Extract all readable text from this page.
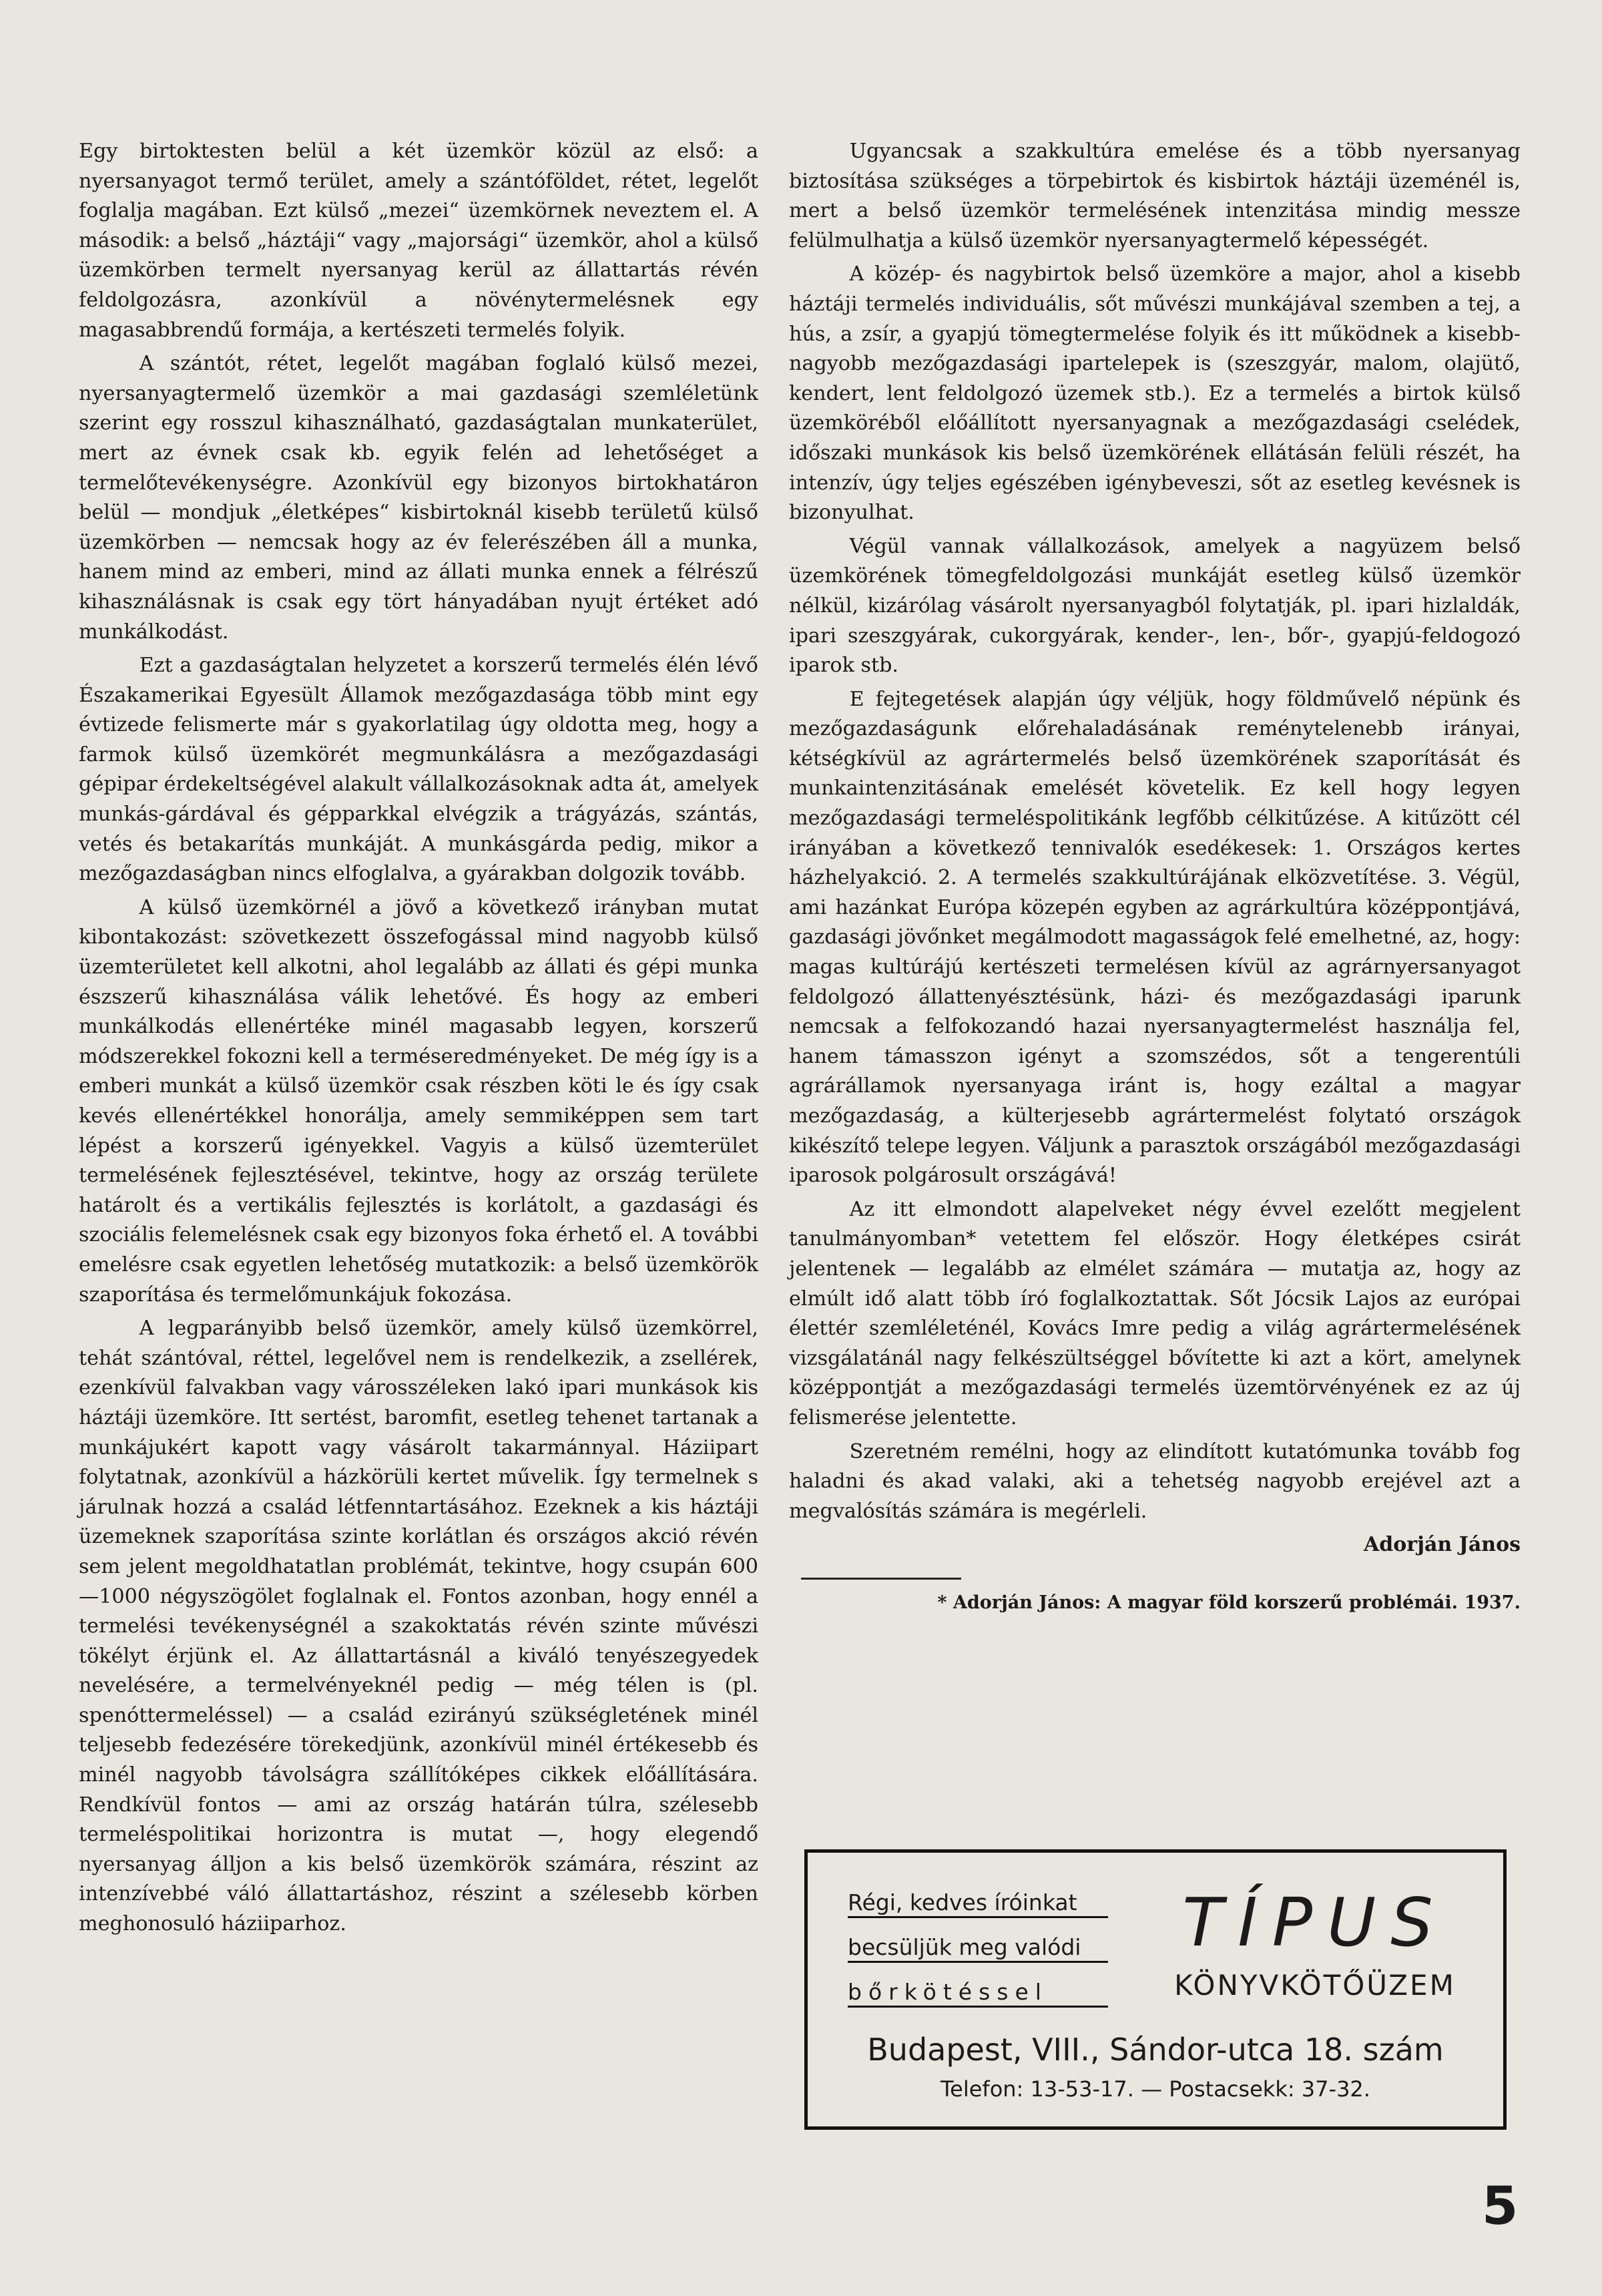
Egy birtoktesten belül a két üzemkör közül az első: a nyersanyagot termő terület, amely a szántóföldet, rétet, legelőt foglalja magában. Ezt külső „mezei“ üzemkörnek neveztem el. A második: a belső „háztáji“ vagy „majorsági“ üzemkör, ahol a külső üzemkörben termelt nyersanyag kerül az állattartás révén feldolgozásra, azonkívül a növénytermelésnek egy magasabbrendű formája, a kertészeti termelés folyik.

A szántót, rétet, legelőt magában foglaló külső mezei, nyersanyagtermelő üzemkör a mai gazdasági szemléletünk szerint egy rosszul kihasználható, gazdaságtalan munkaterület, mert az évnek csak kb. egyik felén ad lehetőséget a termelőtevékenységre. Azonkívül egy bizonyos birtokhatáron belül — mondjuk „életképes“ kisbirtoknál kisebb területű külső üzemkörben — nemcsak hogy az év felerészében áll a munka, hanem mind az emberi, mind az állati munka ennek a félrészű kihasználásnak is csak egy tört hányadában nyujt értéket adó munkálkodást.

Ezt a gazdaságtalan helyzetet a korszerű termelés élén lévő Északamerikai Egyesült Államok mezőgazdasága több mint egy évtizede felismerte már s gyakorlatilag úgy oldotta meg, hogy a farmok külső üzemkörét megmunkálásra a mezőgazdasági gépipar érdekeltségével alakult vállalkozásoknak adta át, amelyek munkás-gárdával és gépparkkal elvégzik a trágyázás, szántás, vetés és betakarítás munkáját. A munkásgárda pedig, mikor a mezőgazdaságban nincs elfoglalva, a gyárakban dolgozik tovább.

A külső üzemkörnél a jövő a következő irányban mutat kibontakozást: szövetkezett összefogással mind nagyobb külső üzemterületet kell alkotni, ahol legalább az állati és gépi munka észszerű kihasználása válik lehetővé. És hogy az emberi munkálkodás ellenértéke minél magasabb legyen, korszerű módszerekkel fokozni kell a terméseredményeket. De még így is a emberi munkát a külső üzemkör csak részben köti le és így csak kevés ellenértékkel honorálja, amely semmiképpen sem tart lépést a korszerű igényekkel. Vagyis a külső üzemterület termelésének fejlesztésével, tekintve, hogy az ország területe határolt és a vertikális fejlesztés is korlátolt, a gazdasági és szociális felemelésnek csak egy bizonyos foka érhető el. A további emelésre csak egyetlen lehetőség mutatkozik: a belső üzemkörök szaporítása és termelőmunkájuk fokozása.

A legparányibb belső üzemkör, amely külső üzemkörrel, tehát szántóval, réttel, legelővel nem is rendelkezik, a zsellérek, ezenkívül falvakban vagy városszéleken lakó ipari munkások kis háztáji üzemköre. Itt sertést, baromfit, esetleg tehenet tartanak a munkájukért kapott vagy vásárolt takarmánnyal. Háziipart folytatnak, azonkívül a házkörüli kertet művelik. Így termelnek s járulnak hozzá a család létfenntartásához. Ezeknek a kis háztáji üzemeknek szaporítása szinte korlátlan és országos akció révén sem jelent megoldhatatlan problémát, tekintve, hogy csupán 600—1000 négyszögölet foglalnak el. Fontos azonban, hogy ennél a termelési tevékenységnél a szakoktatás révén szinte művészi tökélyt érjünk el. Az állattartásnál a kiváló tenyészegyedek nevelésére, a termelvényeknél pedig — még télen is (pl. spenóttermeléssel) — a család ezirányú szükségletének minél teljesebb fedezésére törekedjünk, azonkívül minél értékesebb és minél nagyobb távolságra szállítóképes cikkek előállítására. Rendkívül fontos — ami az ország határán túlra, szélesebb termeléspolitikai horizontra is mutat —, hogy elegendő nyersanyag álljon a kis belső üzemkörök számára, részint az intenzívebbé váló állattartáshoz, részint a szélesebb körben meghonosuló háziiparhoz.

Ugyancsak a szakkultúra emelése és a több nyersanyag biztosítása szükséges a törpebirtok és kisbirtok háztáji üzeménél is, mert a belső üzemkör termelésének intenzitása mindig messze felülmulhatja a külső üzemkör nyersanyagtermelő képességét.

A közép- és nagybirtok belső üzemköre a major, ahol a kisebb háztáji termelés individuális, sőt művészi munkájával szemben a tej, a hús, a zsír, a gyapjú tömegtermelése folyik és itt működnek a kisebb-nagyobb mezőgazdasági ipartelepek is (szeszgyár, malom, olajütő, kendert, lent feldolgozó üzemek stb.). Ez a termelés a birtok külső üzemköréből előállított nyersanyagnak a mezőgazdasági cselédek, időszaki munkások kis belső üzemkörének ellátásán felüli részét, ha intenzív, úgy teljes egészében igénybeveszi, sőt az esetleg kevésnek is bizonyulhat.

Végül vannak vállalkozások, amelyek a nagyüzem belső üzemkörének tömegfeldolgozási munkáját esetleg külső üzemkör nélkül, kizárólag vásárolt nyersanyagból folytatják, pl. ipari hizlaldák, ipari szeszgyárak, cukorgyárak, kender-, len-, bőr-, gyapjú-feldogozó iparok stb.

E fejtegetések alapján úgy véljük, hogy földművelő népünk és mezőgazdaságunk előrehaladásának reménytelenebb irányai, kétségkívül az agrártermelés belső üzemkörének szaporítását és munkaintenzitásának emelését követelik. Ez kell hogy legyen mezőgazdasági termeléspolitikánk legfőbb célkitűzése. A kitűzött cél irányában a következő tennivalók esedékesek: 1. Országos kertes házhelyakció. 2. A termelés szakkultúrájának elközvetítése. 3. Végül, ami hazánkat Európa közepén egyben az agrárkultúra középpontjává, gazdasági jövőnket megálmodott magasságok felé emelhetné, az, hogy: magas kultúrájú kertészeti termelésen kívül az agrárnyersanyagot feldolgozó állattenyésztésünk, házi- és mezőgazdasági iparunk nemcsak a felfokozandó hazai nyersanyagtermelést használja fel, hanem támasszon igényt a szomszédos, sőt a tengerentúli agrárállamok nyersanyaga iránt is, hogy ezáltal a magyar mezőgazdaság, a külterjesebb agrártermelést folytató országok kikészítő telepe legyen. Váljunk a parasztok országából mezőgazdasági iparosok polgárosult országává!

Az itt elmondott alapelveket négy évvel ezelőtt megjelent tanulmányomban* vetettem fel először. Hogy életképes csirát jelentenek — legalább az elmélet számára — mutatja az, hogy az elmúlt idő alatt több író foglalkoztattak. Sőt Jócsik Lajos az európai élettér szemléleténél, Kovács Imre pedig a világ agrártermelésének vizsgálatánál nagy felkészültséggel bővítette ki azt a kört, amelynek középpontját a mezőgazdasági termelés üzemtörvényének ez az új felismerése jelentette.

Szeretném remélni, hogy az elindított kutatómunka tovább fog haladni és akad valaki, aki a tehetség nagyobb erejével azt a megvalósítás számára is megérleli.

Adorján János

* Adorján János: A magyar föld korszerű problémái. 1937.

Régi, kedves íróinkat
becsüljük meg valódi
bőrkötéssel
TÍPUS
KÖNYVKÖTŐÜZEM
Budapest, VIII., Sándor-utca 18. szám
Telefon: 13-53-17. — Postacsekk: 37-32.
5
